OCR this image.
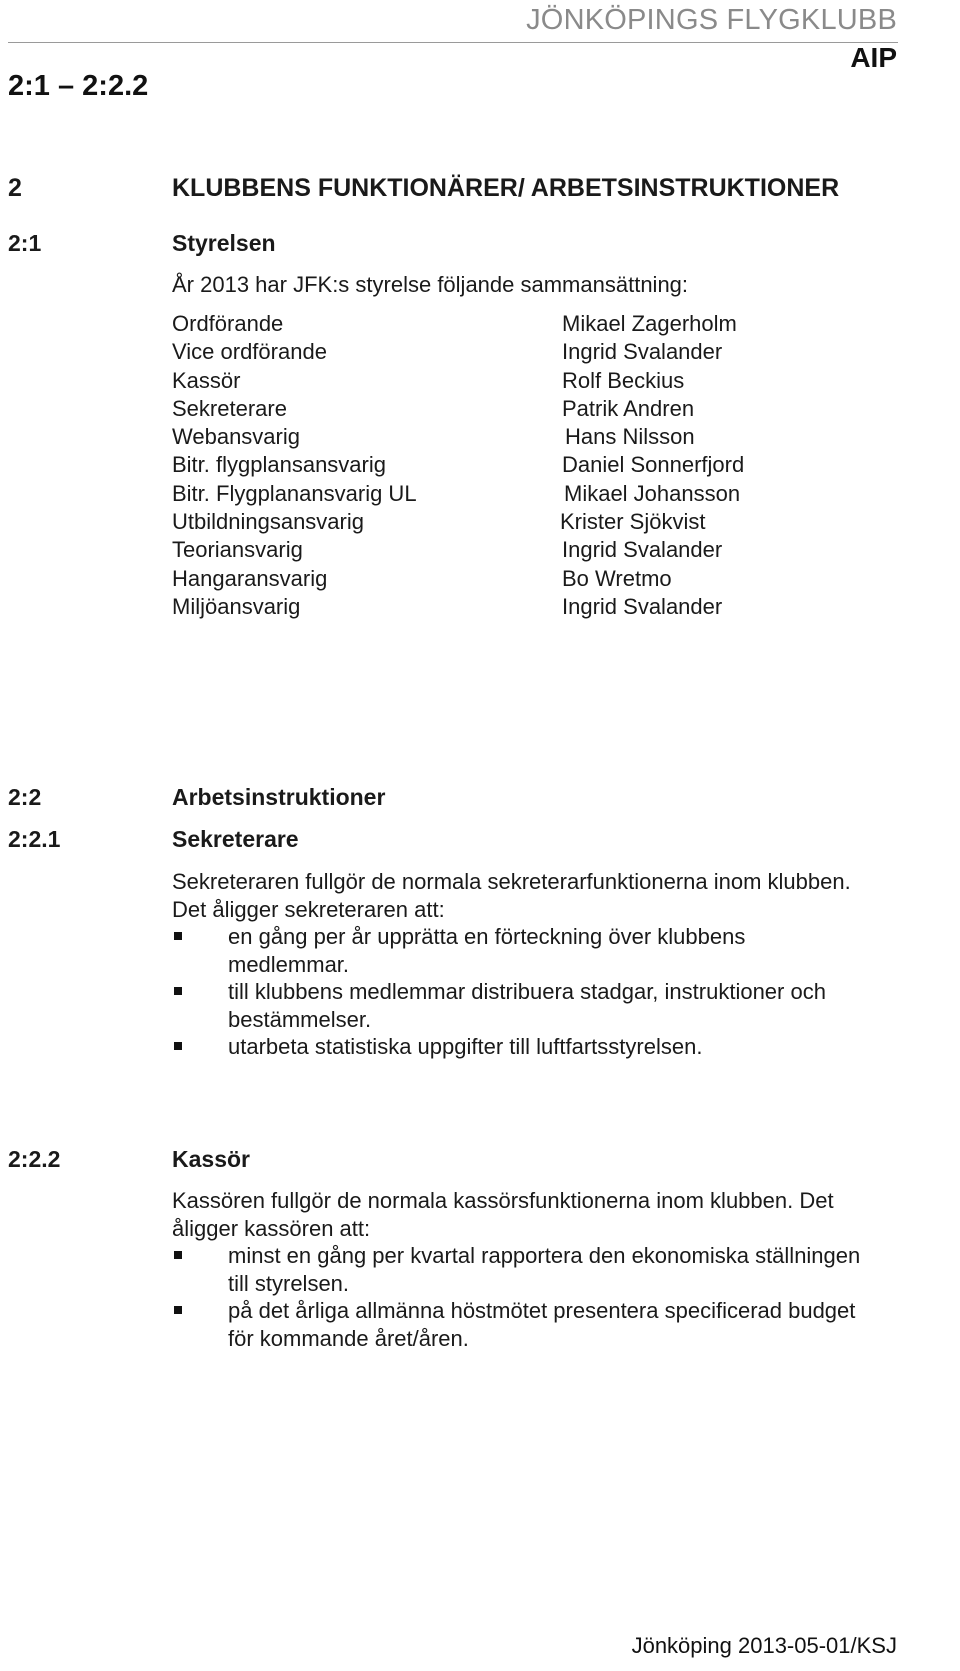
JÖNKÖPINGS FLYGKLUBB
AIP
2:1 – 2:2.2
2	KLUBBENS FUNKTIONÄRER/ ARBETSINSTRUKTIONER
2:1	Styrelsen
År 2013 har JFK:s styrelse följande sammansättning:
Ordförande	Mikael Zagerholm
Vice ordförande	Ingrid Svalander
Kassör	Rolf Beckius
Sekreterare	Patrik Andren
Webansvarig	Hans Nilsson
Bitr. flygplansansvarig	Daniel Sonnerfjord
Bitr. Flygplanansvarig UL	Mikael Johansson
Utbildningsansvarig	Krister Sjökvist
Teoriansvarig	Ingrid Svalander
Hangaransvarig	Bo Wretmo
Miljöansvarig	Ingrid Svalander
2:2	Arbetsinstruktioner
2:2.1	Sekreterare

Sekreteraren fullgör de normala sekreterarfunktionerna inom klubben.

Det åligger sekreteraren att:

en gång per år upprätta en förteckning över klubbens
medlemmar.
till klubbens medlemmar distribuera stadgar, instruktioner och
bestämmelser.
utarbeta statistiska uppgifter till luftfartsstyrelsen.
2:2.2	Kassör

Kassören fullgör de normala kassörsfunktionerna inom klubben. Det

åligger kassören att:

minst en gång per kvartal rapportera den ekonomiska ställningen
till styrelsen.
på det årliga allmänna höstmötet presentera specificerad budget
för kommande året/åren.
Jönköping 2013-05-01/KSJ
